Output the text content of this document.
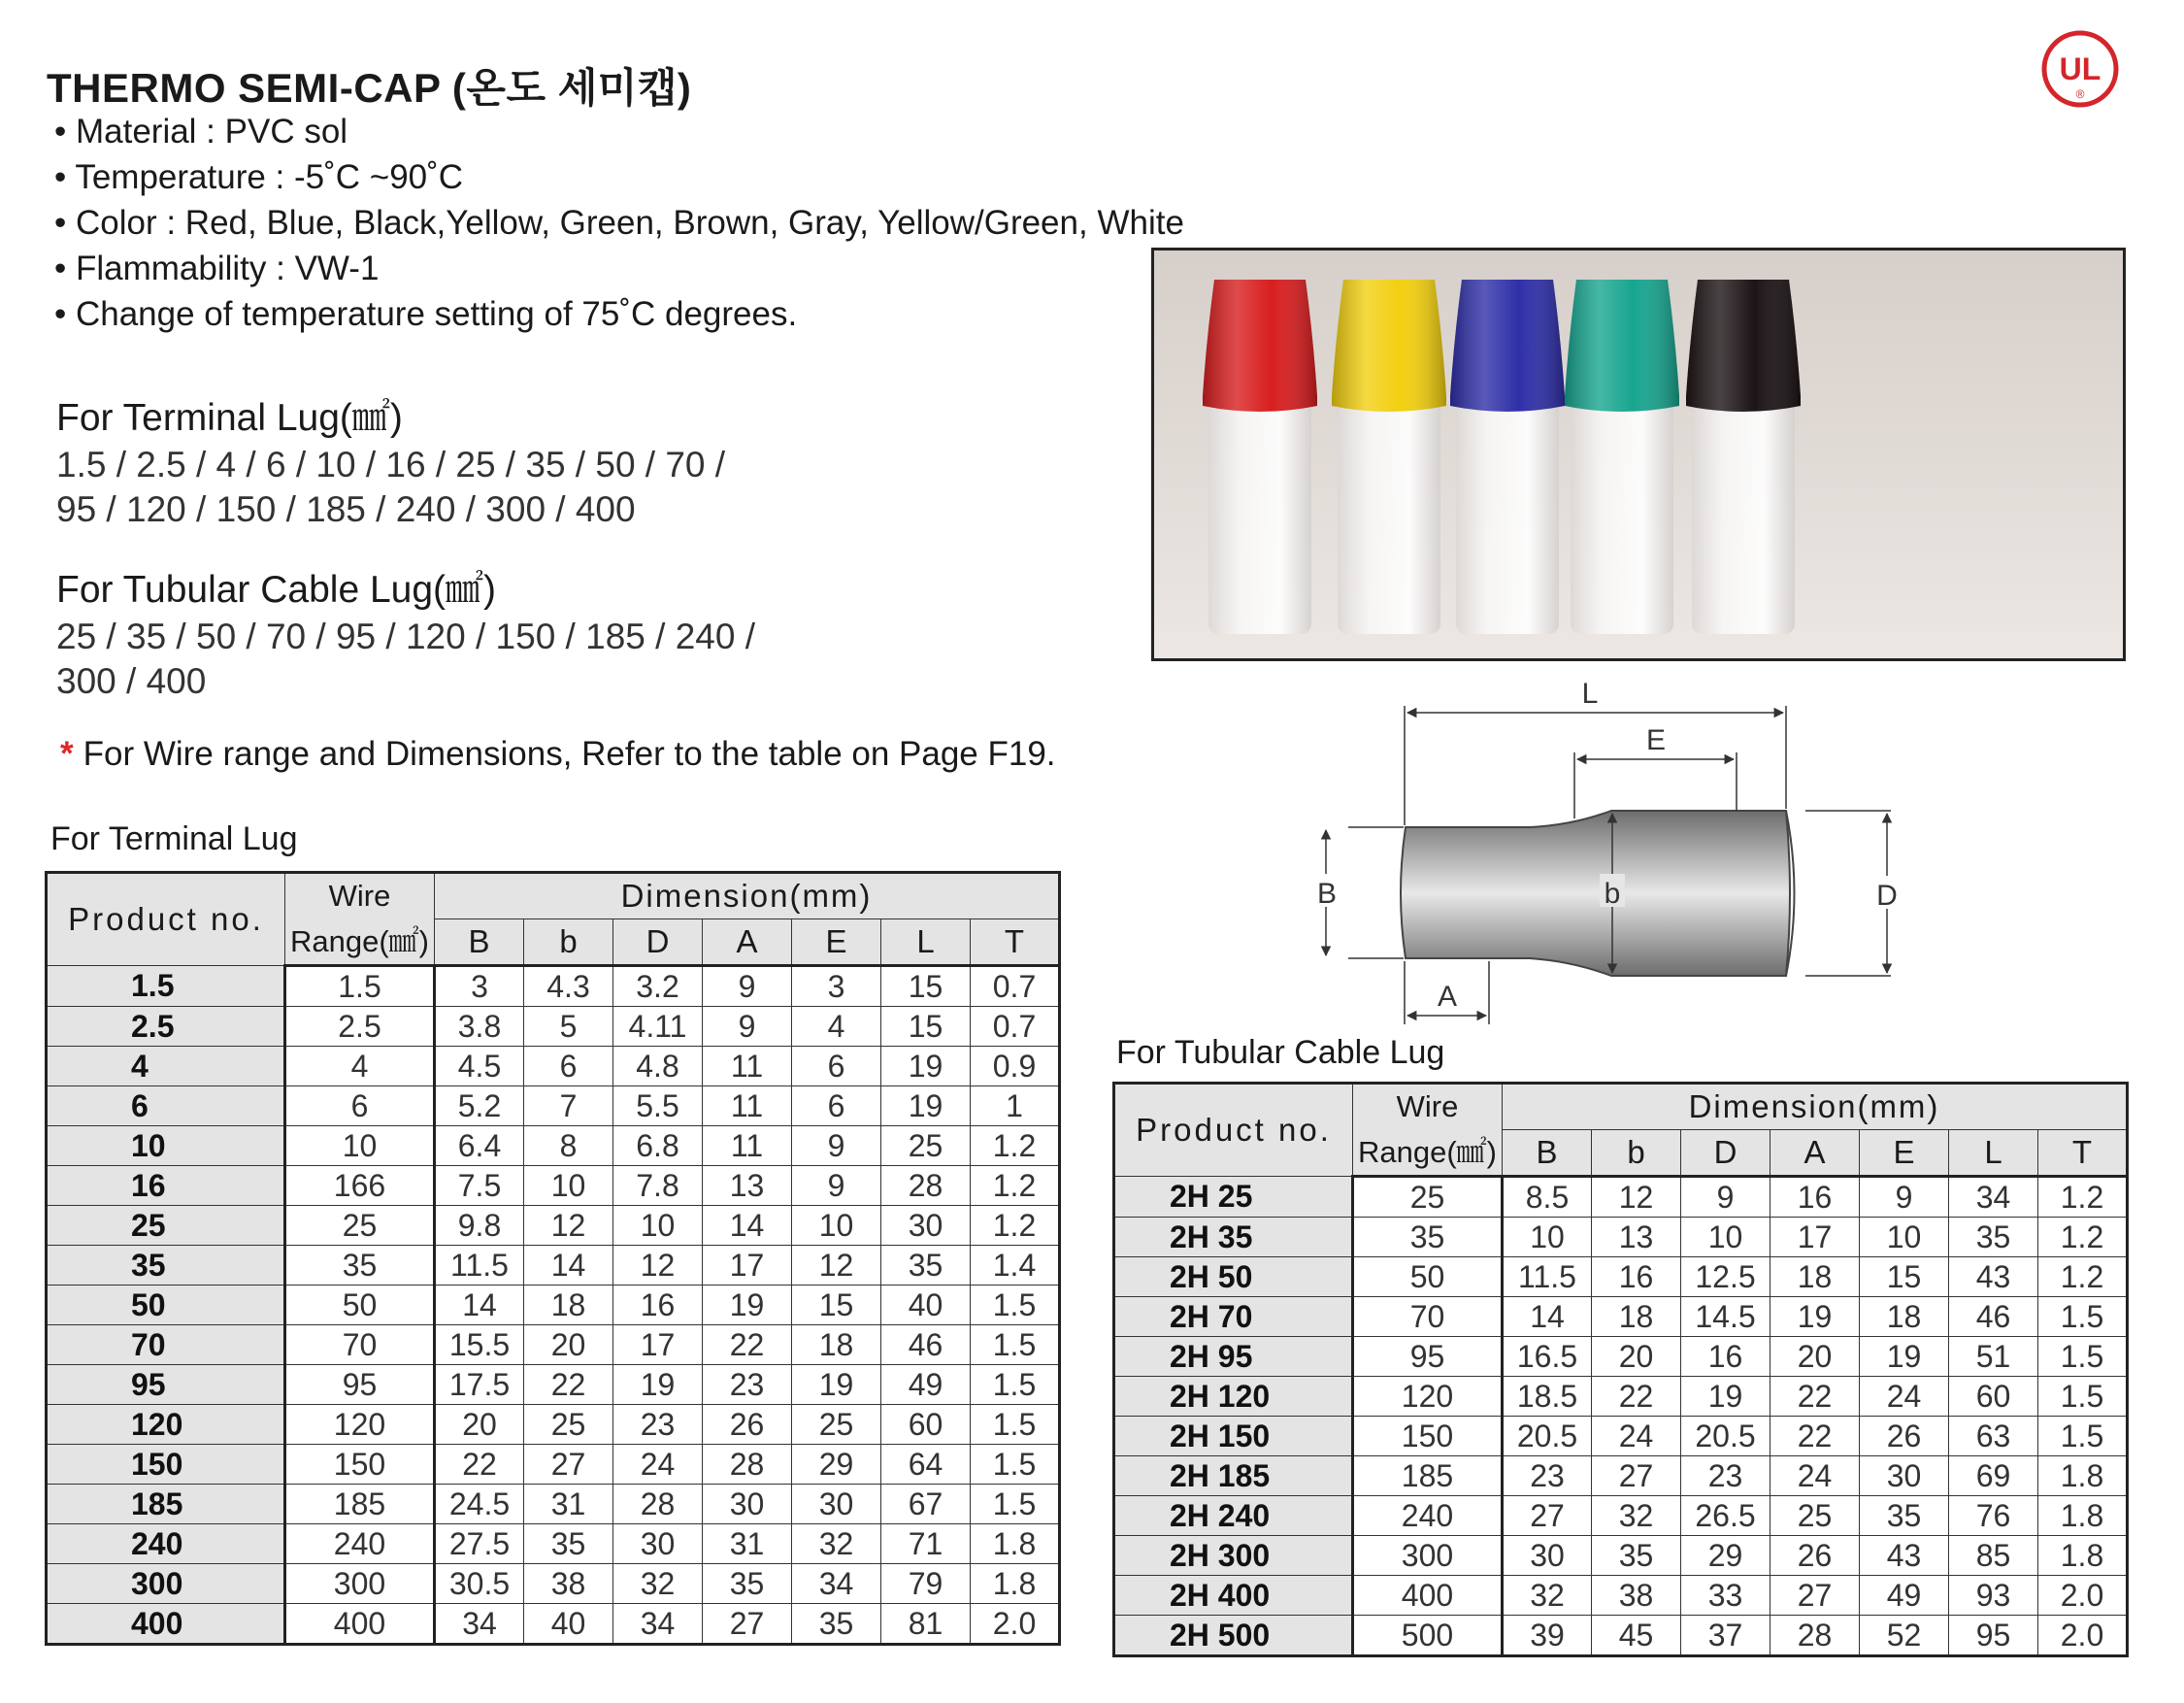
THERMO SEMI-CAP (온도 세미캡)	UL
®
• Material : PVC sol
• Temperature : -5˚C ~90˚C
• Color : Red, Blue, Black,Yellow, Green, Brown, Gray, Yellow/Green, White
• Flammability : VW-1
• Change of temperature setting of 75˚C degrees.
For Terminal Lug(㎟)
1.5 / 2.5 / 4 / 6 / 10 / 16 / 25 / 35 / 50 / 70 /
95 / 120 / 150 / 185 / 240 / 300 / 400
For Tubular Cable Lug(㎟)
25 / 35 / 50 / 70 / 95 / 120 / 150 / 185 / 240 /
300 / 400
* For Wire range and Dimensions, Refer to the table on Page F19.
L
E
B	b	D
A
For Terminal Lug
Product no.	Wire	Dimension(mm)						
	Range(㎟)	B	b	D	A	E	L	T
1.5	1.5	3	4.3	3.2	9	3	15	0.7
2.5	2.5	3.8	5	4.11	9	4	15	0.7
4	4	4.5	6	4.8	11	6	19	0.9
6	6	5.2	7	5.5	11	6	19	1
10	10	6.4	8	6.8	11	9	25	1.2
16	166	7.5	10	7.8	13	9	28	1.2
25	25	9.8	12	10	14	10	30	1.2
35	35	11.5	14	12	17	12	35	1.4
50	50	14	18	16	19	15	40	1.5
70	70	15.5	20	17	22	18	46	1.5
95	95	17.5	22	19	23	19	49	1.5
120	120	20	25	23	26	25	60	1.5
150	150	22	27	24	28	29	64	1.5
185	185	24.5	31	28	30	30	67	1.5
240	240	27.5	35	30	31	32	71	1.8
300	300	30.5	38	32	35	34	79	1.8
400	400	34	40	34	27	35	81	2.0
For Tubular Cable Lug
Product no.	Wire	Dimension(mm)						
	Range(㎟)	B	b	D	A	E	L	T
2H 25	25	8.5	12	9	16	9	34	1.2
2H 35	35	10	13	10	17	10	35	1.2
2H 50	50	11.5	16	12.5	18	15	43	1.2
2H 70	70	14	18	14.5	19	18	46	1.5
2H 95	95	16.5	20	16	20	19	51	1.5
2H 120	120	18.5	22	19	22	24	60	1.5
2H 150	150	20.5	24	20.5	22	26	63	1.5
2H 185	185	23	27	23	24	30	69	1.8
2H 240	240	27	32	26.5	25	35	76	1.8
2H 300	300	30	35	29	26	43	85	1.8
2H 400	400	32	38	33	27	49	93	2.0
2H 500	500	39	45	37	28	52	95	2.0
